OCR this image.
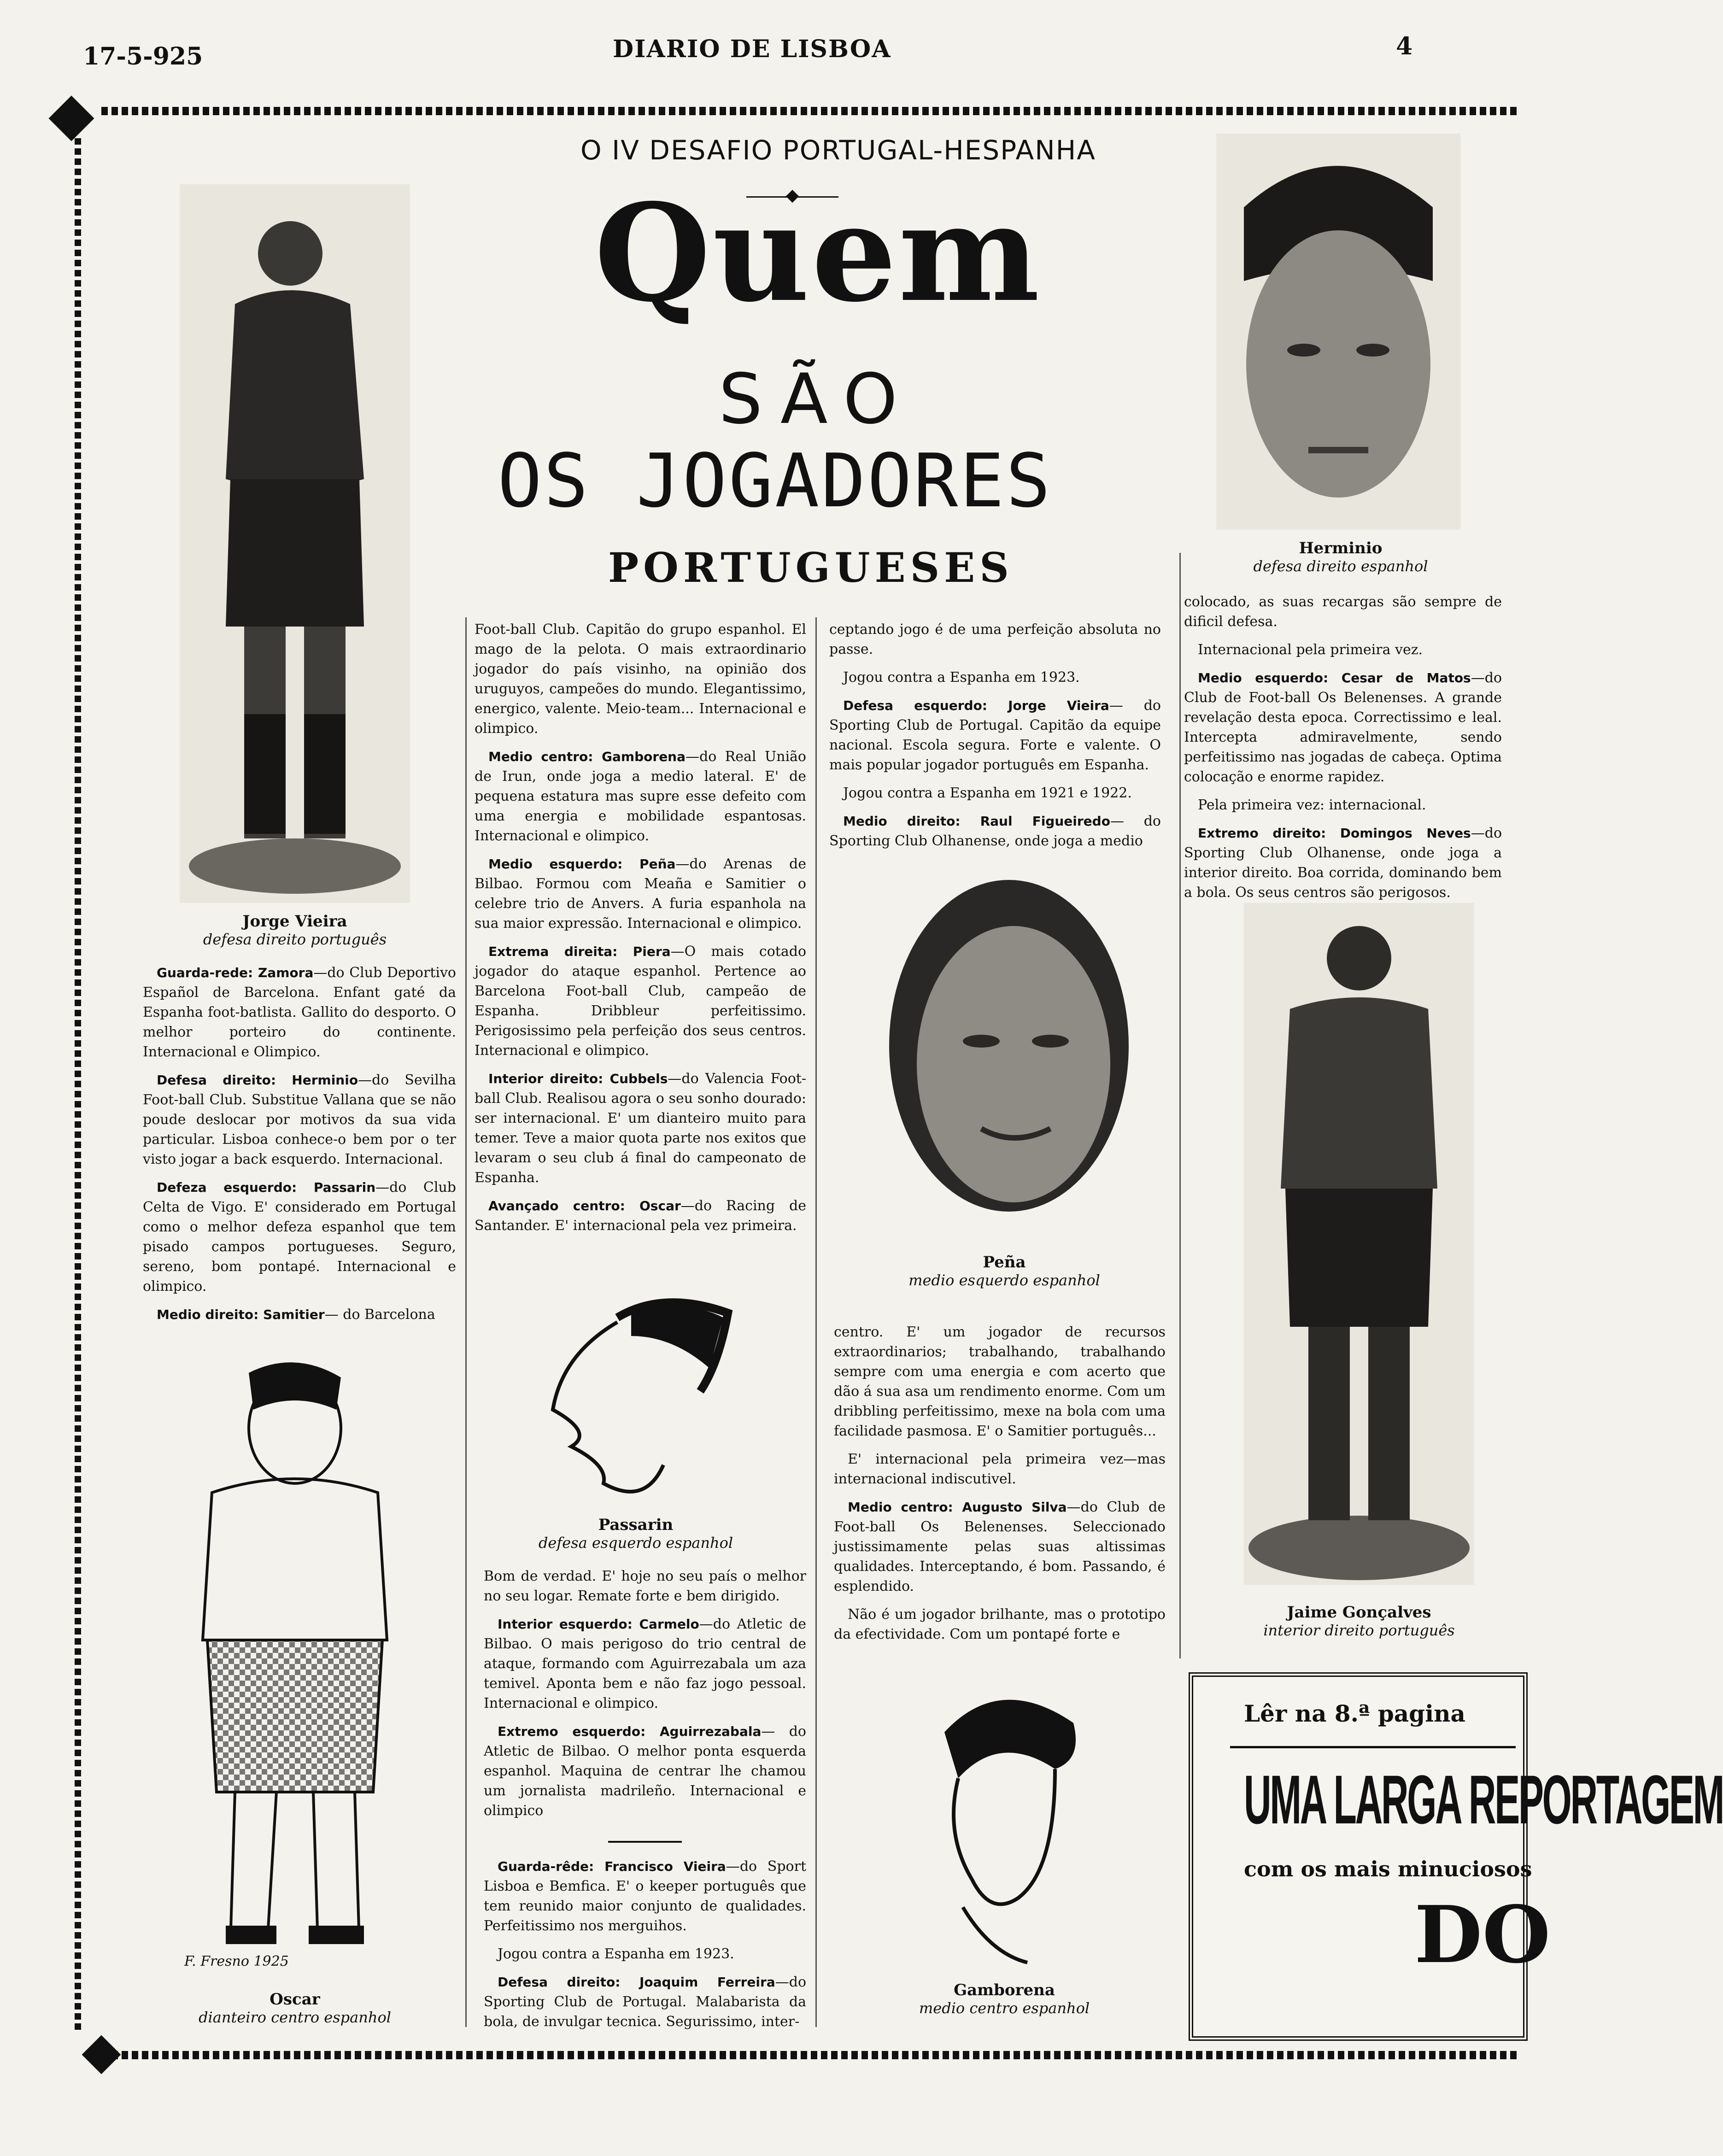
17-5-925	DIARIO DE LISBOA	4
O IV DESAFIO PORTUGAL-HESPANHA
Quem
SÃO
OS JOGADORES
PORTUGUESES
Jorge Vieira
defesa direito português
Herminio
defesa direito espanhol
Peña
medio esquerdo espanhol
Passarin
defesa esquerdo espanhol
F. Fresno 1925
Oscar
dianteiro centro espanhol
Gamborena
medio centro espanhol
Jaime Gonçalves
interior direito português

Guarda-rede: Zamora—do Club Deportivo Español de Barcelona. Enfant gaté da Espanha foot-batlista. Gallito do desporto. O melhor porteiro do continente. Internacional e Olimpico.

Defesa direito: Herminio—do Sevilha Foot-ball Club. Substitue Vallana que se não poude deslocar por motivos da sua vida particular. Lisboa conhece-o bem por o ter visto jogar a back esquerdo. Internacional.

Defeza esquerdo: Passarin—do Club Celta de Vigo. E' considerado em Portugal como o melhor defeza espanhol que tem pisado campos portugueses. Seguro, sereno, bom pontapé. Internacional e olimpico.

Medio direito: Samitier— do Barcelona

Foot-ball Club. Capitão do grupo espanhol. El mago de la pelota. O mais extraordinario jogador do país visinho, na opinião dos uruguyos, campeões do mundo. Elegantissimo, energico, valente. Meio-team... Internacional e olimpico.

Medio centro: Gamborena—do Real União de Irun, onde joga a medio lateral. E' de pequena estatura mas supre esse defeito com uma energia e mobilidade espantosas. Internacional e olimpico.

Medio esquerdo: Peña—do Arenas de Bilbao. Formou com Meaña e Samitier o celebre trio de Anvers. A furia espanhola na sua maior expressão. Internacional e olimpico.

Extrema direita: Piera—O mais cotado jogador do ataque espanhol. Pertence ao Barcelona Foot-ball Club, campeão de Espanha. Dribbleur perfeitissimo. Perigosissimo pela perfeição dos seus centros. Internacional e olimpico.

Interior direito: Cubbels—do Valencia Foot-ball Club. Realisou agora o seu sonho dourado: ser internacional. E' um dianteiro muito para temer. Teve a maior quota parte nos exitos que levaram o seu club á final do campeonato de Espanha.

Avançado centro: Oscar—do Racing de Santander. E' internacional pela vez primeira.

Bom de verdad. E' hoje no seu país o melhor no seu logar. Remate forte e bem dirigido.

Interior esquerdo: Carmelo—do Atletic de Bilbao. O mais perigoso do trio central de ataque, formando com Aguirrezabala um aza temivel. Aponta bem e não faz jogo pessoal. Internacional e olimpico.

Extremo esquerdo: Aguirrezabala— do Atletic de Bilbao. O melhor ponta esquerda espanhol. Maquina de centrar lhe chamou um jornalista madrileño. Internacional e olimpico

Guarda-rêde: Francisco Vieira—do Sport Lisboa e Bemfica. E' o keeper português que tem reunido maior conjunto de qualidades. Perfeitissimo nos merguihos.

Jogou contra a Espanha em 1923.

Defesa direito: Joaquim Ferreira—do Sporting Club de Portugal. Malabarista da bola, de invulgar tecnica. Segurissimo, inter-

ceptando jogo é de uma perfeição absoluta no passe.

Jogou contra a Espanha em 1923.

Defesa esquerdo: Jorge Vieira— do Sporting Club de Portugal. Capitão da equipe nacional. Escola segura. Forte e valente. O mais popular jogador português em Espanha.

Jogou contra a Espanha em 1921 e 1922.

Medio direito: Raul Figueiredo— do Sporting Club Olhanense, onde joga a medio

centro. E' um jogador de recursos extraordinarios; trabalhando, trabalhando sempre com uma energia e com acerto que dão á sua asa um rendimento enorme. Com um dribbling perfeitissimo, mexe na bola com uma facilidade pasmosa. E' o Samitier português...

E' internacional pela primeira vez—mas internacional indiscutivel.

Medio centro: Augusto Silva—do Club de Foot-ball Os Belenenses. Seleccionado justissimamente pelas suas altissimas qualidades. Interceptando, é bom. Passando, é esplendido.

Não é um jogador brilhante, mas o prototipo da efectividade. Com um pontapé forte e

colocado, as suas recargas são sempre de dificil defesa.

Internacional pela primeira vez.

Medio esquerdo: Cesar de Matos—do Club de Foot-ball Os Belenenses. A grande revelação desta epoca. Correctissimo e leal. Intercepta admiravelmente, sendo perfeitissimo nas jogadas de cabeça. Optima colocação e enorme rapidez.

Pela primeira vez: internacional.

Extremo direito: Domingos Neves—do Sporting Club Olhanense, onde joga a interior direito. Boa corrida, dominando bem a bola. Os seus centros são perigosos.

Lêr na 8.ª pagina
UMA LARGA REPORTAGEM
com os mais minuciosos
DO
